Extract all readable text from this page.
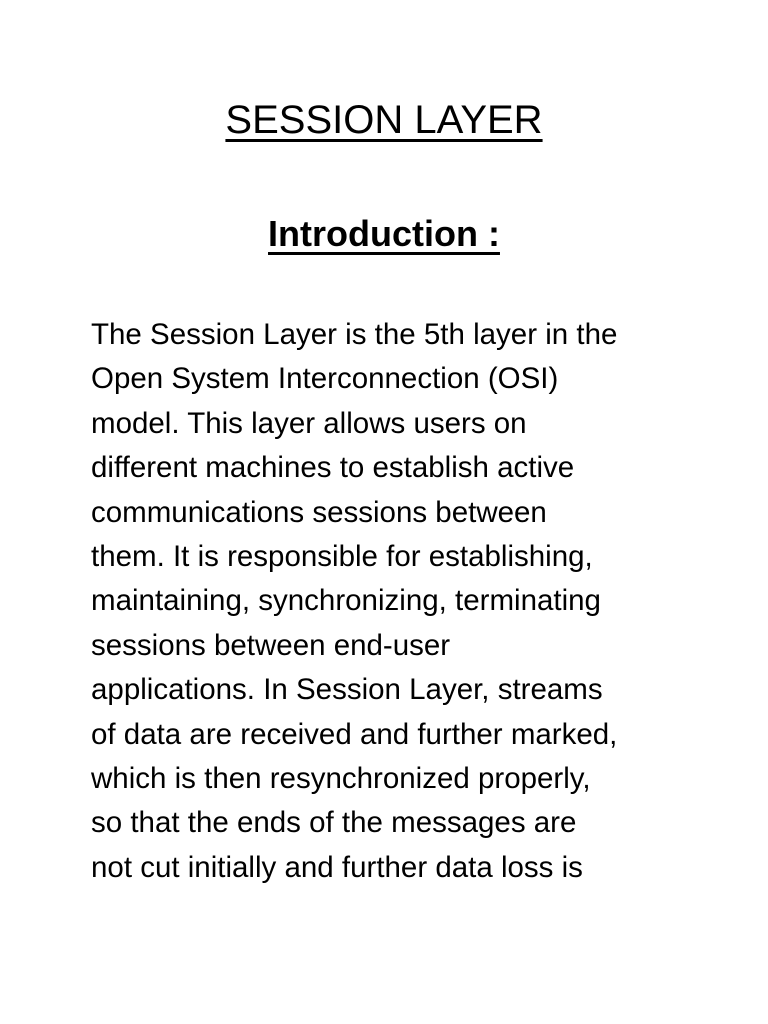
SESSION LAYER
Introduction :

The Session Layer is the 5th layer in the
Open System Interconnection (OSI)
model. This layer allows users on
different machines to establish active
communications sessions between
them. It is responsible for establishing,
maintaining, synchronizing, terminating
sessions between end-user
applications. In Session Layer, streams
of data are received and further marked,
which is then resynchronized properly,
so that the ends of the messages are
not cut initially and further data loss is
